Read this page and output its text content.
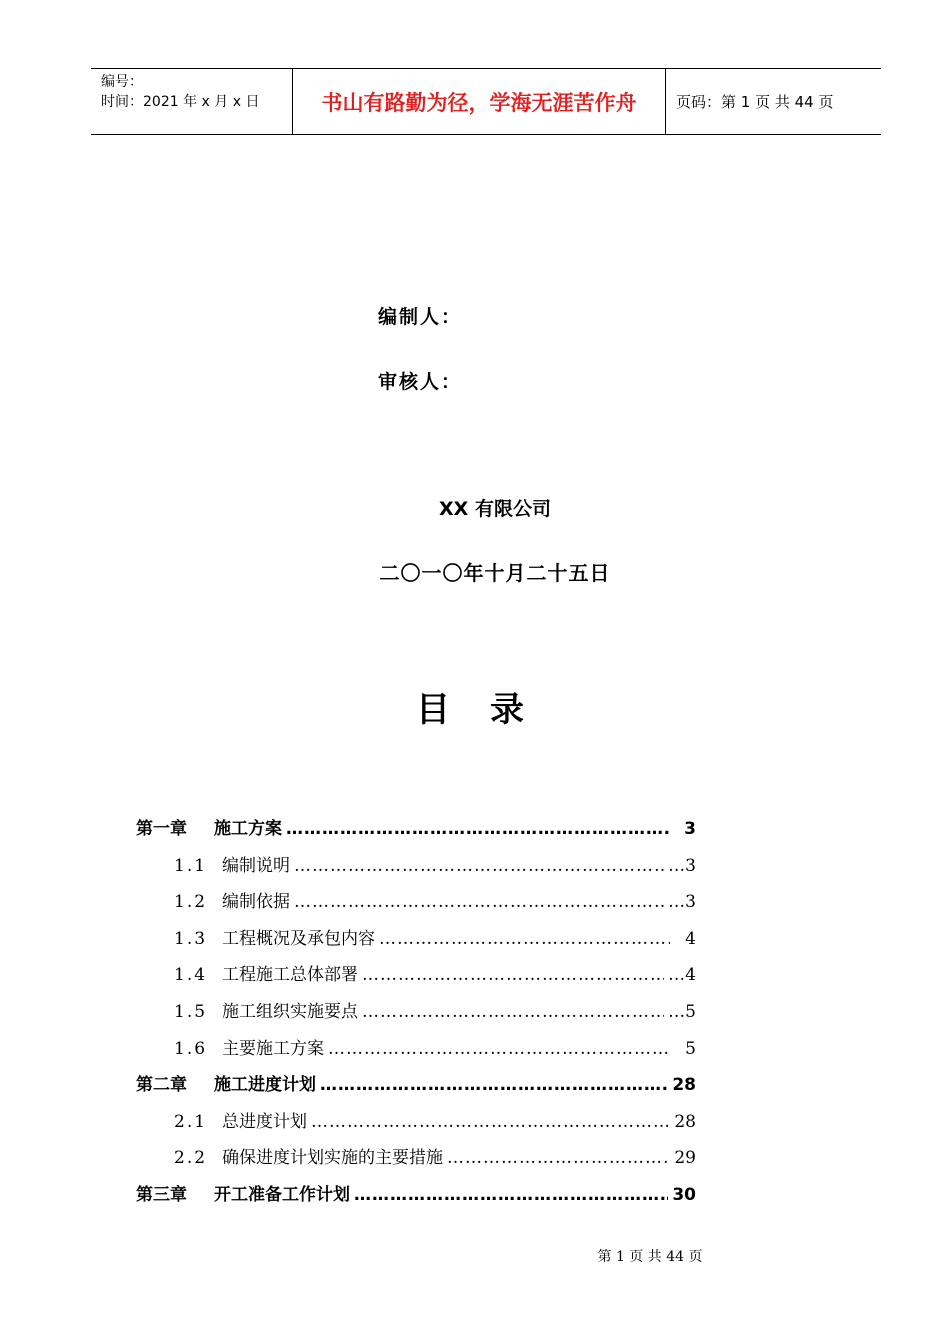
编号：
时间：2021 年 x 月 x 日	书山有路勤为径，学海无涯苦作舟	页码：第 1 页 共 44 页
编制人：
审核人：
XX 有限公司
二〇一〇年十月二十五日
目录
第一章	施工方案 ……………………………………………………………………………………………………………………………………	3
1.1 编制说明 ……………………………………………………………………………………………………………………………………	…3
1.2 编制依据 ……………………………………………………………………………………………………………………………………	…3
1.3 工程概况及承包内容 ……………………………………………………………………………………………………………………………………	4
1.4 工程施工总体部署 ……………………………………………………………………………………………………………………………………	…4
1.5 施工组织实施要点 ……………………………………………………………………………………………………………………………………	…5
1.6 主要施工方案 ……………………………………………………………………………………………………………………………………	5
第二章	施工进度计划 ……………………………………………………………………………………………………………………………………	28
2.1 总进度计划 ……………………………………………………………………………………………………………………………………	28
2.2 确保进度计划实施的主要措施 ……………………………………………………………………………………………………………………………………	29
第三章	开工准备工作计划 ……………………………………………………………………………………………………………………………………	30
第 1 页 共 44 页
